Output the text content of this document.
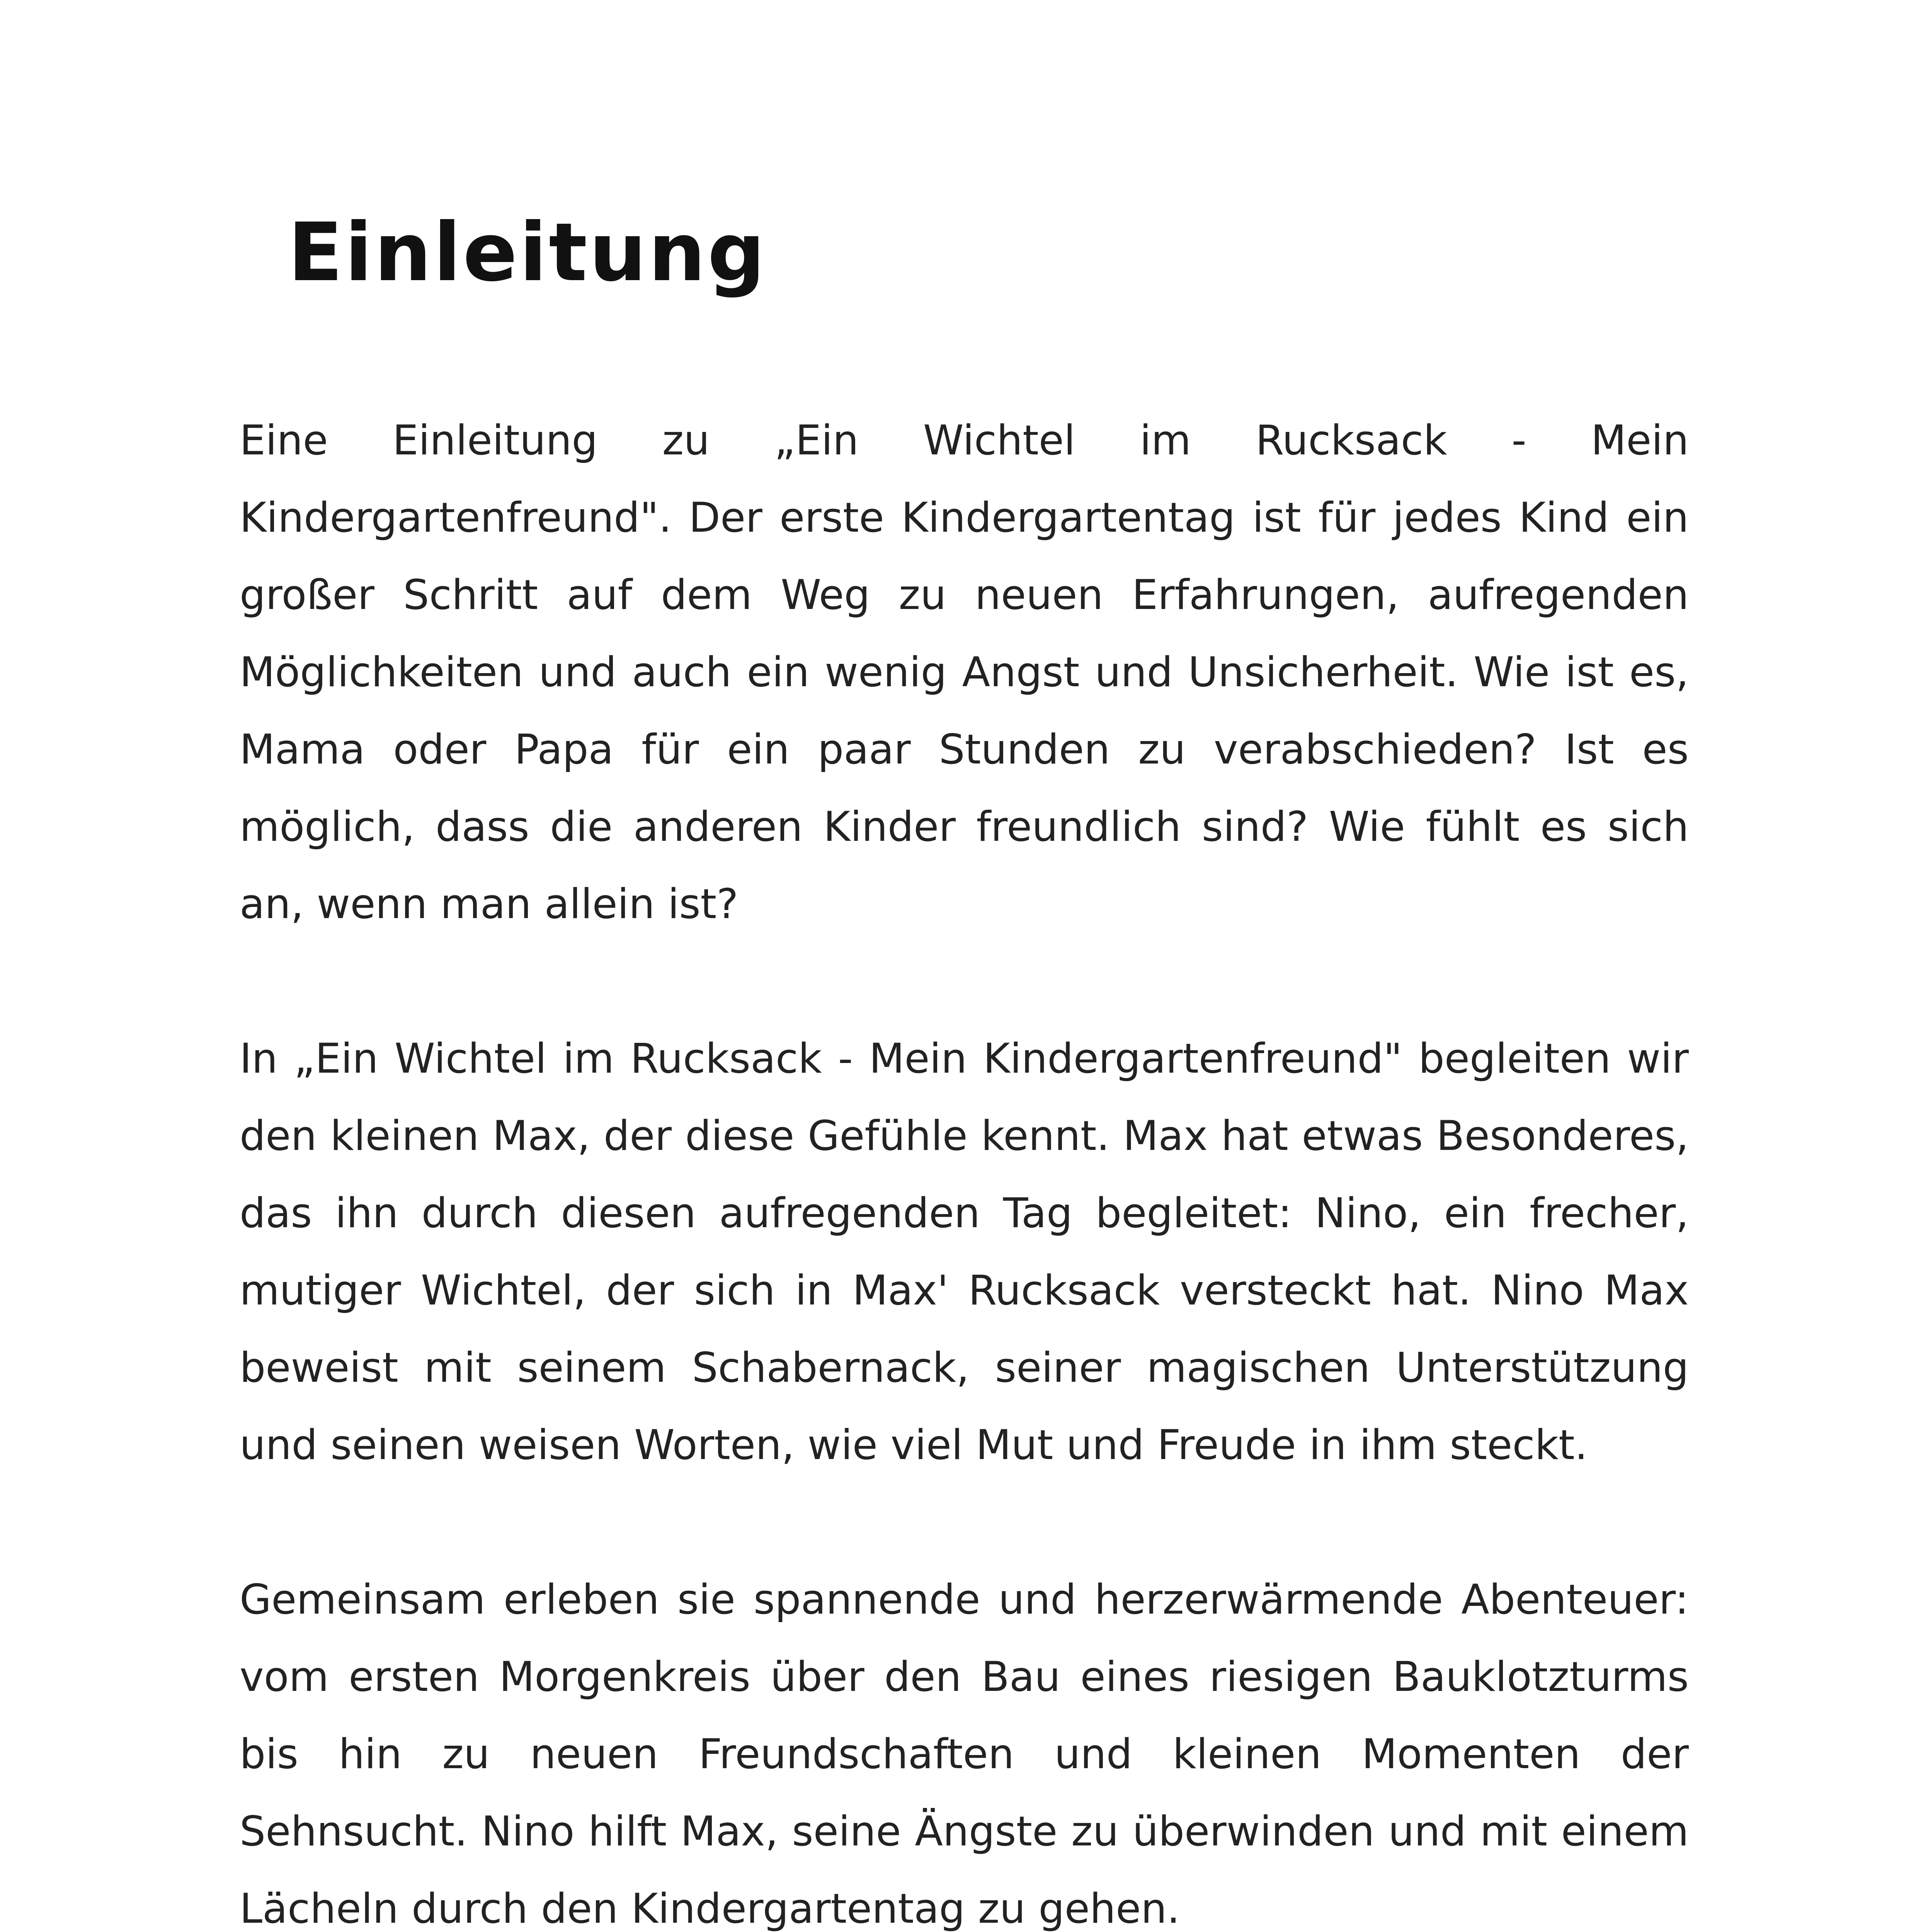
Einleitung

Eine Einleitung zu „Ein Wichtel im Rucksack - Mein Kindergartenfreund". Der erste Kindergartentag ist für jedes Kind ein großer Schritt auf dem Weg zu neuen Erfahrungen, aufregenden Möglichkeiten und auch ein wenig Angst und Unsicherheit. Wie ist es, Mama oder Papa für ein paar Stunden zu verabschieden? Ist es möglich, dass die anderen Kinder freundlich sind? Wie fühlt es sich an, wenn man allein ist?

In „Ein Wichtel im Rucksack - Mein Kindergartenfreund" begleiten wir den kleinen Max, der diese Gefühle kennt. Max hat etwas Besonderes, das ihn durch diesen aufregenden Tag begleitet: Nino, ein frecher, mutiger Wichtel, der sich in Max' Rucksack versteckt hat. Nino Max beweist mit seinem Schabernack, seiner magischen Unterstützung und seinen weisen Worten, wie viel Mut und Freude in ihm steckt.

Gemeinsam erleben sie spannende und herzerwärmende Abenteuer: vom ersten Morgenkreis über den Bau eines riesigen Bauklotzturms bis hin zu neuen Freundschaften und kleinen Momenten der Sehnsucht. Nino hilft Max, seine Ängste zu überwinden und mit einem Lächeln durch den Kindergartentag zu gehen.
